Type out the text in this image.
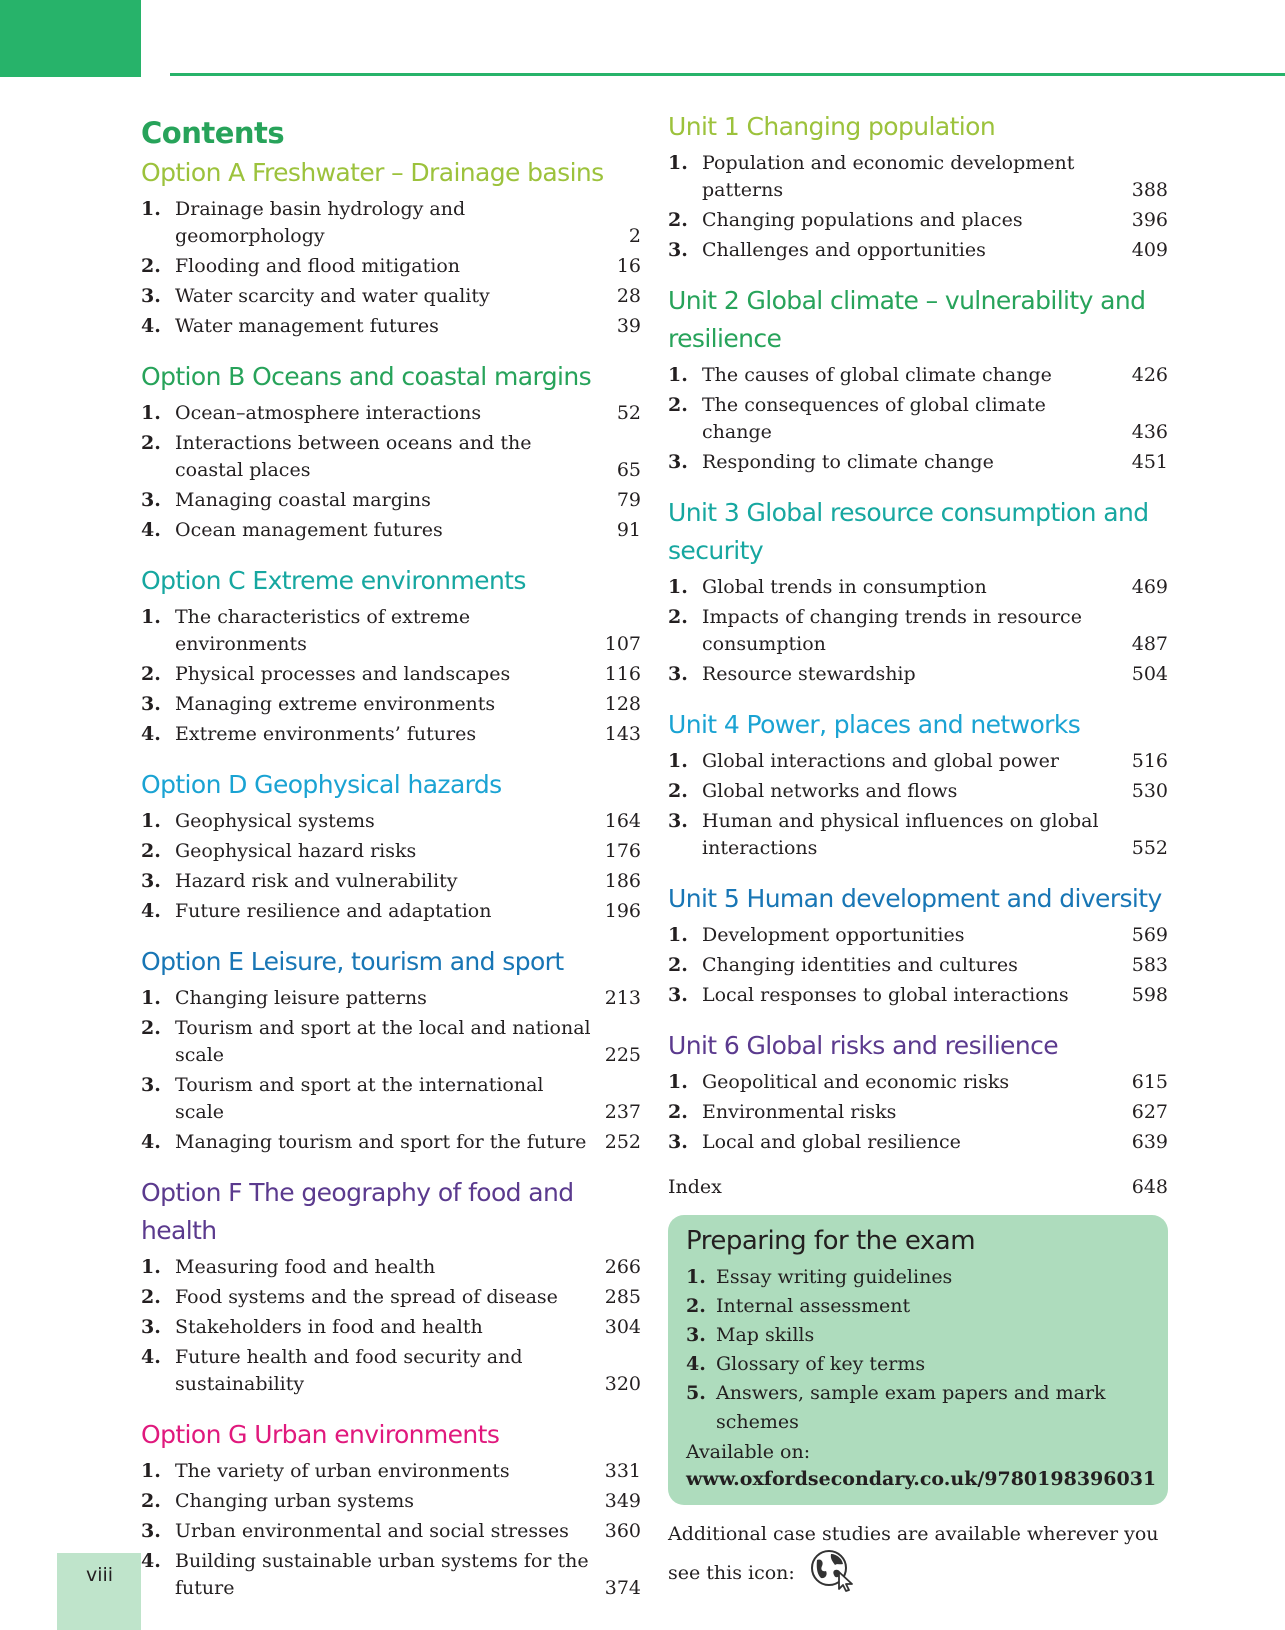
Contents
Option A Freshwater – Drainage basins
1. Drainage basin hydrology and geomorphology	2
2. Flooding and flood mitigation	16
3. Water scarcity and water quality	28
4. Water management futures	39
Option B Oceans and coastal margins
1. Ocean–atmosphere interactions	52
2. Interactions between oceans and the coastal places	65
3. Managing coastal margins	79
4. Ocean management futures	91
Option C Extreme environments
1. The characteristics of extreme environments	107
2. Physical processes and landscapes	116
3. Managing extreme environments	128
4. Extreme environments’ futures	143
Option D Geophysical hazards
1. Geophysical systems	164
2. Geophysical hazard risks	176
3. Hazard risk and vulnerability	186
4. Future resilience and adaptation	196
Option E Leisure, tourism and sport
1. Changing leisure patterns	213
2. Tourism and sport at the local and national scale	225
3. Tourism and sport at the international scale	237
4. Managing tourism and sport for the future 252
Option F The geography of food and health
1. Measuring food and health	266
2. Food systems and the spread of disease	285
3. Stakeholders in food and health	304
4. Future health and food security and sustainability	320
Option G Urban environments
1. The variety of urban environments	331
2. Changing urban systems	349
3. Urban environmental and social stresses	360
4. Building sustainable urban systems for the future	374
Unit 1 Changing population
1. Population and economic development patterns	388
2. Changing populations and places	396
3. Challenges and opportunities	409
Unit 2 Global climate – vulnerability and resilience
1. The causes of global climate change	426
2. The consequences of global climate change	436
3. Responding to climate change	451
Unit 3 Global resource consumption and security
1. Global trends in consumption	469
2. Impacts of changing trends in resource consumption	487
3. Resource stewardship	504
Unit 4 Power, places and networks
1. Global interactions and global power	516
2. Global networks and flows	530
3. Human and physical influences on global interactions	552
Unit 5 Human development and diversity
1. Development opportunities	569
2. Changing identities and cultures	583
3. Local responses to global interactions	598
Unit 6 Global risks and resilience
1. Geopolitical and economic risks	615
2. Environmental risks	627
3. Local and global resilience	639
Index	648
Preparing for the exam
1. Essay writing guidelines
2. Internal assessment
3. Map skills
4. Glossary of key terms
5. Answers, sample exam papers and mark schemes
Available on: www.oxfordsecondary.co.uk/9780198396031
Additional case studies are available wherever you see this icon:
viii
